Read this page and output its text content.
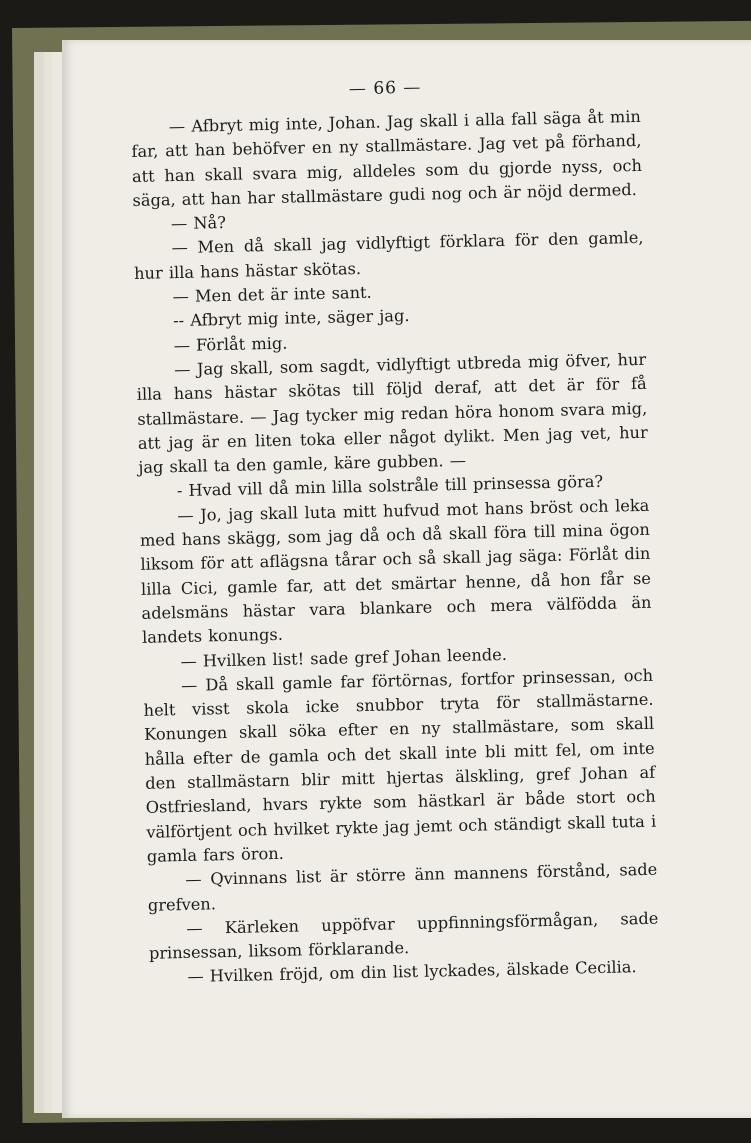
— 66 —

— Afbryt mig inte, Johan. Jag skall i alla fall säga åt min far, att han behöfver en ny stallmästare. Jag vet på förhand, att han skall svara mig, alldeles som du gjorde nyss, och säga, att han har stallmästare gudi nog och är nöjd dermed.

— Nå?

— Men då skall jag vidlyftigt förklara för den gamle, hur illa hans hästar skötas.

— Men det är inte sant.

-- Afbryt mig inte, säger jag.

— Förlåt mig.

— Jag skall, som sagdt, vidlyftigt utbreda mig öfver, hur illa hans hästar skötas till följd deraf, att det är för få stallmästare. — Jag tycker mig redan höra honom svara mig, att jag är en liten toka eller något dylikt. Men jag vet, hur jag skall ta den gamle, käre gubben. —

- Hvad vill då min lilla solstråle till prinsessa göra?

— Jo, jag skall luta mitt hufvud mot hans bröst och leka med hans skägg, som jag då och då skall föra till mina ögon liksom för att aflägsna tårar och så skall jag säga: Förlåt din lilla Cici, gamle far, att det smärtar henne, då hon får se adelsmäns hästar vara blankare och mera välfödda än landets konungs.

— Hvilken list! sade gref Johan leende.

— Då skall gamle far förtörnas, fortfor prinsessan, och helt visst skola icke snubbor tryta för stallmästarne. Konungen skall söka efter en ny stallmästare, som skall hålla efter de gamla och det skall inte bli mitt fel, om inte den stallmästarn blir mitt hjertas älskling, gref Johan af Ostfriesland, hvars rykte som hästkarl är både stort och välförtjent och hvilket rykte jag jemt och ständigt skall tuta i gamla fars öron.

— Qvinnans list är större änn mannens förstånd, sade grefven.

— Kärleken uppöfvar uppfinningsförmågan, sade prinsessan, liksom förklarande.

— Hvilken fröjd, om din list lyckades, älskade Cecilia.
